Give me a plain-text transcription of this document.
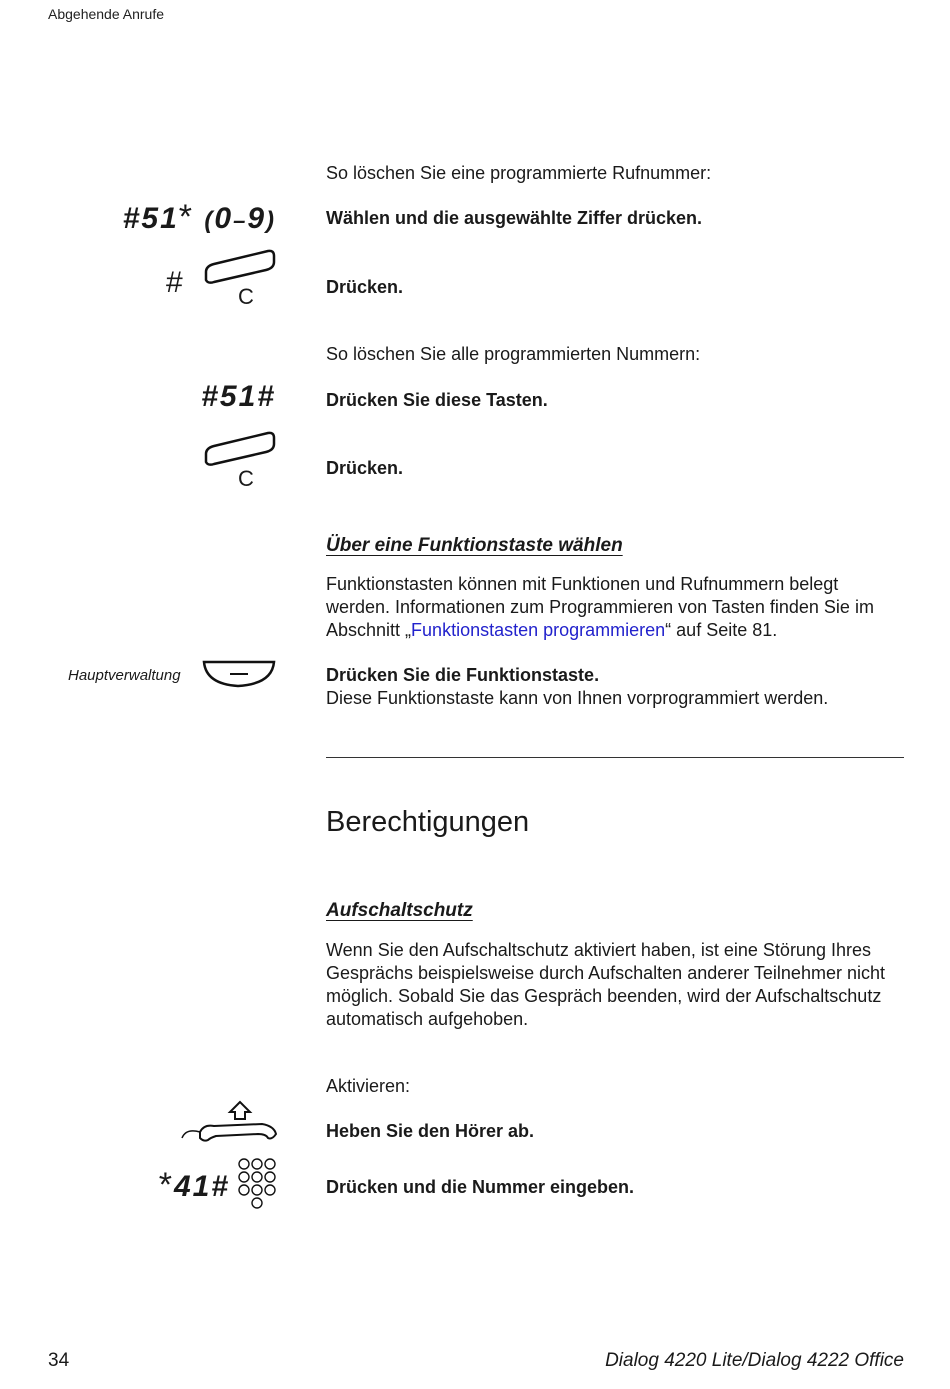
Abgehende Anrufe
So löschen Sie eine programmierte Rufnummer:
#51* (0–9)	Wählen und die ausgewählte Ziffer drücken.
# C	Drücken.
So löschen Sie alle programmierten Nummern:
#51#	Drücken Sie diese Tasten.
C	Drücken.
Über eine Funktionstaste wählen
Funktionstasten können mit Funktionen und Rufnummern belegt werden. Informationen zum Programmieren von Tasten finden Sie im Abschnitt „Funktionstasten programmieren“ auf Seite 81.
Hauptverwaltung	Drücken Sie die Funktionstaste.
Diese Funktionstaste kann von Ihnen vorprogrammiert werden.
Berechtigungen
Aufschaltschutz
Wenn Sie den Aufschaltschutz aktiviert haben, ist eine Störung Ihres Gesprächs beispielsweise durch Aufschalten anderer Teilnehmer nicht möglich. Sobald Sie das Gespräch beenden, wird der Aufschaltschutz automatisch aufgehoben.
Aktivieren:
Heben Sie den Hörer ab.
*41#	Drücken und die Nummer eingeben.
34	Dialog 4220 Lite/Dialog 4222 Office
